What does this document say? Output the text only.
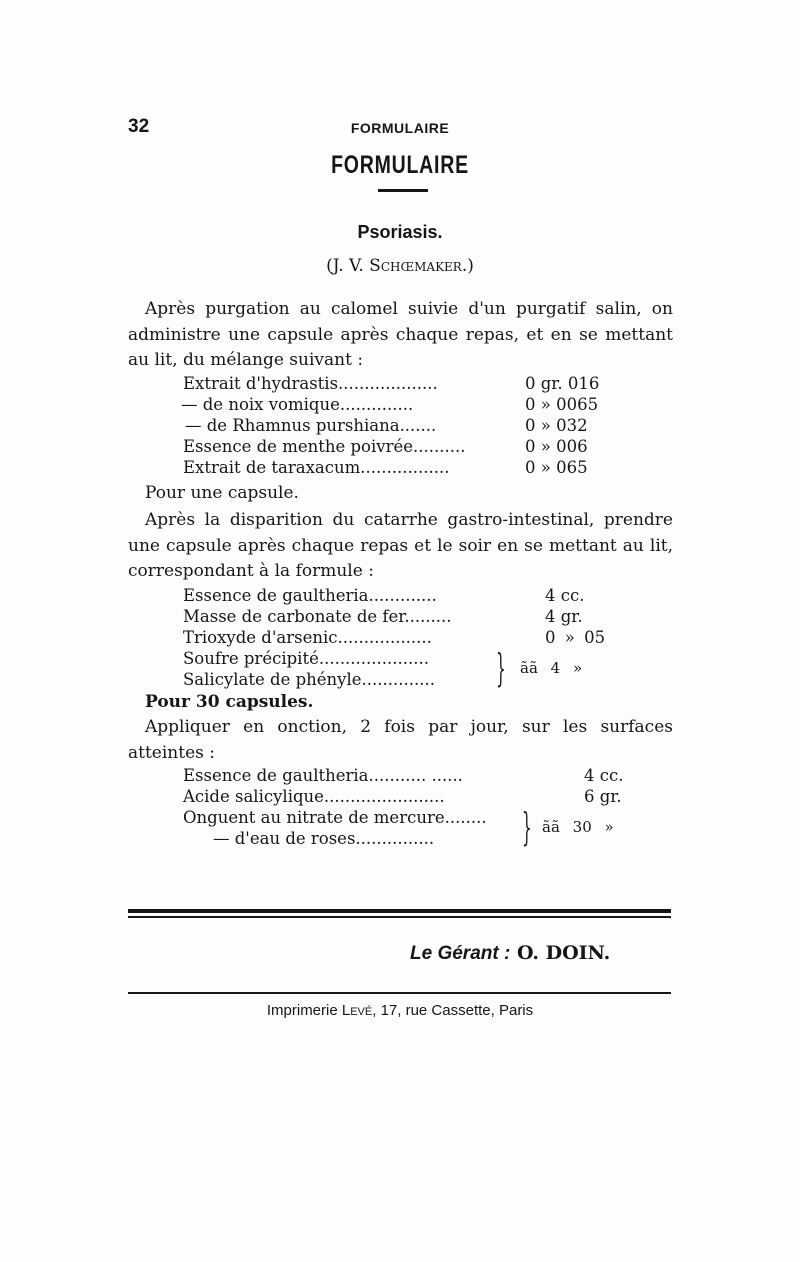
32	FORMULAIRE
FORMULAIRE
Psoriasis.
(J. V. Schœmaker.)
Après purgation au calomel suivie d'un purgatif salin, on administre une capsule après chaque repas, et en se mettant au lit, du mélange suivant :
Extrait d'hydrastis...................	0 gr. 016
— de noix vomique..............	0 » 0065
— de Rhamnus purshiana.......	0 » 032
Essence de menthe poivrée..........	0 » 006
Extrait de taraxacum.................	0 » 065
Pour une capsule.
Après la disparition du catarrhe gastro-intestinal, prendre une capsule après chaque repas et le soir en se mettant au lit, correspondant à la formule :
Essence de gaultheria.............	4 cc.
Masse de carbonate de fer.........	4 gr.
Trioxyde d'arsenic..................	0 » 05
Soufre précipité.....................
Salicylate de phényle.............. } ãã 4 »
Pour 30 capsules.
Appliquer en onction, 2 fois par jour, sur les surfaces atteintes :
Essence de gaultheria........... ......	4 cc.
Acide salicylique.......................	6 gr.
Onguent au nitrate de mercure........
— d'eau de roses............... } ãã 30 »
Le Gérant : O. DOIN.
Imprimerie Levé, 17, rue Cassette, Paris
